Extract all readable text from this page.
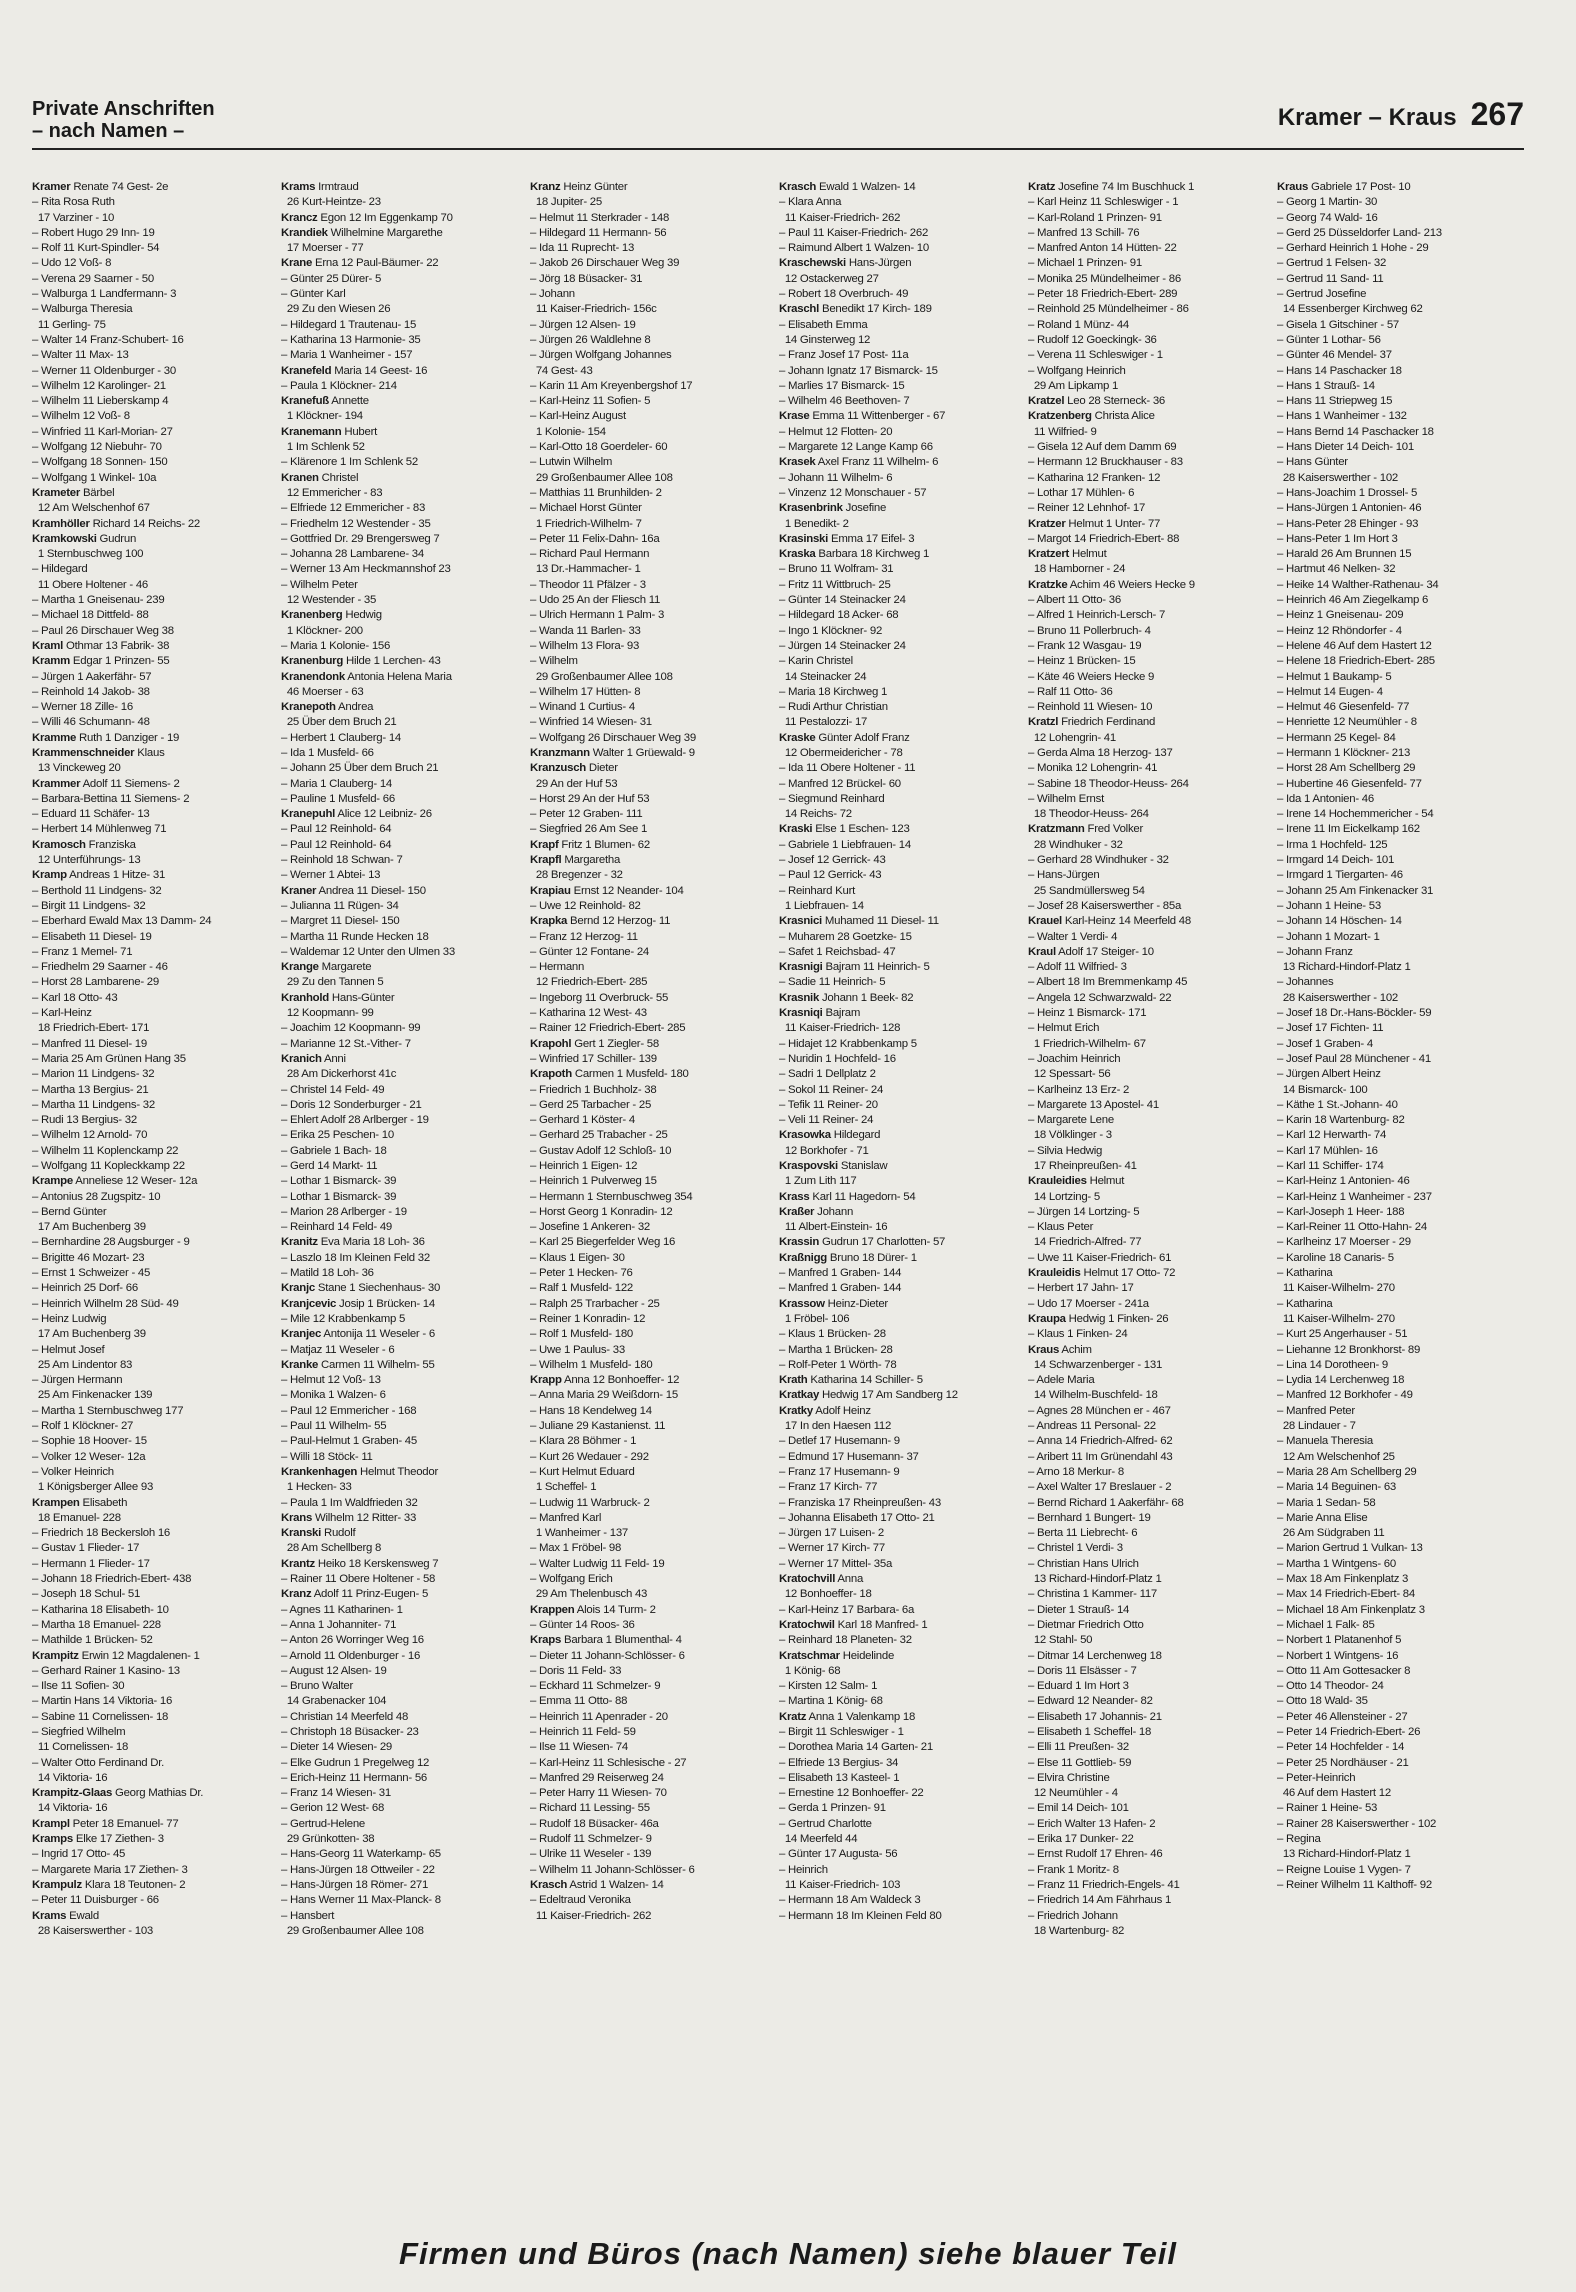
Private Anschriften
– nach Namen –	Kramer – Kraus 267
Kramer Renate 74 Gest- 2e
– Rita Rosa Ruth
17 Varziner - 10
– Robert Hugo 29 Inn- 19
– Rolf 11 Kurt-Spindler- 54
– Udo 12 Voß- 8
– Verena 29 Saarner - 50
– Walburga 1 Landfermann- 3
– Walburga Theresia
11 Gerling- 75
– Walter 14 Franz-Schubert- 16
– Walter 11 Max- 13
– Werner 11 Oldenburger - 30
– Wilhelm 12 Karolinger- 21
– Wilhelm 11 Lieberskamp 4
– Wilhelm 12 Voß- 8
– Winfried 11 Karl-Morian- 27
– Wolfgang 12 Niebuhr- 70
– Wolfgang 18 Sonnen- 150
– Wolfgang 1 Winkel- 10a
Krameter Bärbel
12 Am Welschenhof 67
Kramhöller Richard 14 Reichs- 22
Kramkowski Gudrun
1 Sternbuschweg 100
– Hildegard
11 Obere Holtener - 46
– Martha 1 Gneisenau- 239
– Michael 18 Dittfeld- 88
– Paul 26 Dirschauer Weg 38
Kraml Othmar 13 Fabrik- 38
Kramm Edgar 1 Prinzen- 55
– Jürgen 1 Aakerfähr- 57
– Reinhold 14 Jakob- 38
– Werner 18 Zille- 16
– Willi 46 Schumann- 48
Kramme Ruth 1 Danziger - 19
Krammenschneider Klaus
13 Vinckeweg 20
Krammer Adolf 11 Siemens- 2
– Barbara-Bettina 11 Siemens- 2
– Eduard 11 Schäfer- 13
– Herbert 14 Mühlenweg 71
Kramosch Franziska
12 Unterführungs- 13
Kramp Andreas 1 Hitze- 31
– Berthold 11 Lindgens- 32
– Birgit 11 Lindgens- 32
– Eberhard Ewald Max 13 Damm- 24
– Elisabeth 11 Diesel- 19
– Franz 1 Memel- 71
– Friedhelm 29 Saarner - 46
– Horst 28 Lambarene- 29
– Karl 18 Otto- 43
– Karl-Heinz
18 Friedrich-Ebert- 171
– Manfred 11 Diesel- 19
– Maria 25 Am Grünen Hang 35
– Marion 11 Lindgens- 32
– Martha 13 Bergius- 21
– Martha 11 Lindgens- 32
– Rudi 13 Bergius- 32
– Wilhelm 12 Arnold- 70
– Wilhelm 11 Koplenckamp 22
– Wolfgang 11 Kopleckkamp 22
Krampe Anneliese 12 Weser- 12a
– Antonius 28 Zugspitz- 10
– Bernd Günter
17 Am Buchenberg 39
– Bernhardine 28 Augsburger - 9
– Brigitte 46 Mozart- 23
– Ernst 1 Schweizer - 45
– Heinrich 25 Dorf- 66
– Heinrich Wilhelm 28 Süd- 49
– Heinz Ludwig
17 Am Buchenberg 39
– Helmut Josef
25 Am Lindentor 83
– Jürgen Hermann
25 Am Finkenacker 139
– Martha 1 Sternbuschweg 177
– Rolf 1 Klöckner- 27
– Sophie 18 Hoover- 15
– Volker 12 Weser- 12a
– Volker Heinrich
1 Königsberger Allee 93
Krampen Elisabeth
18 Emanuel- 228
– Friedrich 18 Beckersloh 16
– Gustav 1 Flieder- 17
– Hermann 1 Flieder- 17
– Johann 18 Friedrich-Ebert- 438
– Joseph 18 Schul- 51
– Katharina 18 Elisabeth- 10
– Martha 18 Emanuel- 228
– Mathilde 1 Brücken- 52
Krampitz Erwin 12 Magdalenen- 1
– Gerhard Rainer 1 Kasino- 13
– Ilse 11 Sofien- 30
– Martin Hans 14 Viktoria- 16
– Sabine 11 Cornelissen- 18
– Siegfried Wilhelm
11 Cornelissen- 18
– Walter Otto Ferdinand Dr.
14 Viktoria- 16
Krampitz-Glaas Georg Mathias Dr.
14 Viktoria- 16
Krampl Peter 18 Emanuel- 77
Kramps Elke 17 Ziethen- 3
– Ingrid 17 Otto- 45
– Margarete Maria 17 Ziethen- 3
Krampulz Klara 18 Teutonen- 2
– Peter 11 Duisburger - 66
Krams Ewald
28 Kaiserswerther - 103
Krams Irmtraud
26 Kurt-Heintze- 23
Krancz Egon 12 Im Eggenkamp 70
Krandiek Wilhelmine Margarethe
17 Moerser - 77
Krane Erna 12 Paul-Bäumer- 22
– Günter 25 Dürer- 5
– Günter Karl
29 Zu den Wiesen 26
– Hildegard 1 Trautenau- 15
– Katharina 13 Harmonie- 35
– Maria 1 Wanheimer - 157
Kranefeld Maria 14 Geest- 16
– Paula 1 Klöckner- 214
Kranefuß Annette
1 Klöckner- 194
Kranemann Hubert
1 Im Schlenk 52
– Klärenore 1 Im Schlenk 52
Kranen Christel
12 Emmericher - 83
– Elfriede 12 Emmericher - 83
– Friedhelm 12 Westender - 35
– Gottfried Dr. 29 Brengersweg 7
– Johanna 28 Lambarene- 34
– Werner 13 Am Heckmannshof 23
– Wilhelm Peter
12 Westender - 35
Kranenberg Hedwig
1 Klöckner- 200
– Maria 1 Kolonie- 156
Kranenburg Hilde 1 Lerchen- 43
Kranendonk Antonia Helena Maria
46 Moerser - 63
Kranepoth Andrea
25 Über dem Bruch 21
– Herbert 1 Clauberg- 14
– Ida 1 Musfeld- 66
– Johann 25 Über dem Bruch 21
– Maria 1 Clauberg- 14
– Pauline 1 Musfeld- 66
Kranepuhl Alice 12 Leibniz- 26
– Paul 12 Reinhold- 64
– Paul 12 Reinhold- 64
– Reinhold 18 Schwan- 7
– Werner 1 Abtei- 13
Kraner Andrea 11 Diesel- 150
– Julianna 11 Rügen- 34
– Margret 11 Diesel- 150
– Martha 11 Runde Hecken 18
– Waldemar 12 Unter den Ulmen 33
Krange Margarete
29 Zu den Tannen 5
Kranhold Hans-Günter
12 Koopmann- 99
– Joachim 12 Koopmann- 99
– Marianne 12 St.-Vither- 7
Kranich Anni
28 Am Dickerhorst 41c
– Christel 14 Feld- 49
– Doris 12 Sonderburger - 21
– Ehlert Adolf 28 Arlberger - 19
– Erika 25 Peschen- 10
– Gabriele 1 Bach- 18
– Gerd 14 Markt- 11
– Lothar 1 Bismarck- 39
– Lothar 1 Bismarck- 39
– Marion 28 Arlberger - 19
– Reinhard 14 Feld- 49
Kranitz Eva Maria 18 Loh- 36
– Laszlo 18 Im Kleinen Feld 32
– Matild 18 Loh- 36
Kranjc Stane 1 Siechenhaus- 30
Kranjcevic Josip 1 Brücken- 14
– Mile 12 Krabbenkamp 5
Kranjec Antonija 11 Weseler - 6
– Matjaz 11 Weseler - 6
Kranke Carmen 11 Wilhelm- 55
– Helmut 12 Voß- 13
– Monika 1 Walzen- 6
– Paul 12 Emmericher - 168
– Paul 11 Wilhelm- 55
– Paul-Helmut 1 Graben- 45
– Willi 18 Stöck- 11
Krankenhagen Helmut Theodor
1 Hecken- 33
– Paula 1 Im Waldfrieden 32
Krans Wilhelm 12 Ritter- 33
Kranski Rudolf
28 Am Schellberg 8
Krantz Heiko 18 Kerskensweg 7
– Rainer 11 Obere Holtener - 58
Kranz Adolf 11 Prinz-Eugen- 5
– Agnes 11 Katharinen- 1
– Anna 1 Johanniter- 71
– Anton 26 Worringer Weg 16
– Arnold 11 Oldenburger - 16
– August 12 Alsen- 19
– Bruno Walter
14 Grabenacker 104
– Christian 14 Meerfeld 48
– Christoph 18 Büsacker- 23
– Dieter 14 Wiesen- 29
– Elke Gudrun 1 Pregelweg 12
– Erich-Heinz 11 Hermann- 56
– Franz 14 Wiesen- 31
– Gerion 12 West- 68
– Gertrud-Helene
29 Grünkotten- 38
– Hans-Georg 11 Waterkamp- 65
– Hans-Jürgen 18 Ottweiler - 22
– Hans-Jürgen 18 Römer- 271
– Hans Werner 11 Max-Planck- 8
– Hansbert
29 Großenbaumer Allee 108
Kranz Heinz Günter
18 Jupiter- 25
– Helmut 11 Sterkrader - 148
– Hildegard 11 Hermann- 56
– Ida 11 Ruprecht- 13
– Jakob 26 Dirschauer Weg 39
– Jörg 18 Büsacker- 31
– Johann
11 Kaiser-Friedrich- 156c
– Jürgen 12 Alsen- 19
– Jürgen 26 Waldlehne 8
– Jürgen Wolfgang Johannes
74 Gest- 43
– Karin 11 Am Kreyenbergshof 17
– Karl-Heinz 11 Sofien- 5
– Karl-Heinz August
1 Kolonie- 154
– Karl-Otto 18 Goerdeler- 60
– Lutwin Wilhelm
29 Großenbaumer Allee 108
– Matthias 11 Brunhilden- 2
– Michael Horst Günter
1 Friedrich-Wilhelm- 7
– Peter 11 Felix-Dahn- 16a
– Richard Paul Hermann
13 Dr.-Hammacher- 1
– Theodor 11 Pfälzer - 3
– Udo 25 An der Fliesch 11
– Ulrich Hermann 1 Palm- 3
– Wanda 11 Barlen- 33
– Wilhelm 13 Flora- 93
– Wilhelm
29 Großenbaumer Allee 108
– Wilhelm 17 Hütten- 8
– Winand 1 Curtius- 4
– Winfried 14 Wiesen- 31
– Wolfgang 26 Dirschauer Weg 39
Kranzmann Walter 1 Grüewald- 9
Kranzusch Dieter
29 An der Huf 53
– Horst 29 An der Huf 53
– Peter 12 Graben- 111
– Siegfried 26 Am See 1
Krapf Fritz 1 Blumen- 62
Krapfl Margaretha
28 Bregenzer - 32
Krapiau Ernst 12 Neander- 104
– Uwe 12 Reinhold- 82
Krapka Bernd 12 Herzog- 11
– Franz 12 Herzog- 11
– Günter 12 Fontane- 24
– Hermann
12 Friedrich-Ebert- 285
– Ingeborg 11 Overbruck- 55
– Katharina 12 West- 43
– Rainer 12 Friedrich-Ebert- 285
Krapohl Gert 1 Ziegler- 58
– Winfried 17 Schiller- 139
Krapoth Carmen 1 Musfeld- 180
– Friedrich 1 Buchholz- 38
– Gerd 25 Tarbacher - 25
– Gerhard 1 Köster- 4
– Gerhard 25 Trabacher - 25
– Gustav Adolf 12 Schloß- 10
– Heinrich 1 Eigen- 12
– Heinrich 1 Pulverweg 15
– Hermann 1 Sternbuschweg 354
– Horst Georg 1 Konradin- 12
– Josefine 1 Ankeren- 32
– Karl 25 Biegerfelder Weg 16
– Klaus 1 Eigen- 30
– Peter 1 Hecken- 76
– Ralf 1 Musfeld- 122
– Ralph 25 Trarbacher - 25
– Reiner 1 Konradin- 12
– Rolf 1 Musfeld- 180
– Uwe 1 Paulus- 33
– Wilhelm 1 Musfeld- 180
Krapp Anna 12 Bonhoeffer- 12
– Anna Maria 29 Weißdorn- 15
– Hans 18 Kendelweg 14
– Juliane 29 Kastanienst. 11
– Klara 28 Böhmer - 1
– Kurt 26 Wedauer - 292
– Kurt Helmut Eduard
1 Scheffel- 1
– Ludwig 11 Warbruck- 2
– Manfred Karl
1 Wanheimer - 137
– Max 1 Fröbel- 98
– Walter Ludwig 11 Feld- 19
– Wolfgang Erich
29 Am Thelenbusch 43
Krappen Alois 14 Turm- 2
– Günter 14 Roos- 36
Kraps Barbara 1 Blumenthal- 4
– Dieter 11 Johann-Schlösser- 6
– Doris 11 Feld- 33
– Eckhard 11 Schmelzer- 9
– Emma 11 Otto- 88
– Heinrich 11 Apenrader - 20
– Heinrich 11 Feld- 59
– Ilse 11 Wiesen- 74
– Karl-Heinz 11 Schlesische - 27
– Manfred 29 Reiserweg 24
– Peter Harry 11 Wiesen- 70
– Richard 11 Lessing- 55
– Rudolf 18 Büsacker- 46a
– Rudolf 11 Schmelzer- 9
– Ulrike 11 Weseler - 139
– Wilhelm 11 Johann-Schlösser- 6
Krasch Astrid 1 Walzen- 14
– Edeltraud Veronika
11 Kaiser-Friedrich- 262
Krasch Ewald 1 Walzen- 14
– Klara Anna
11 Kaiser-Friedrich- 262
– Paul 11 Kaiser-Friedrich- 262
– Raimund Albert 1 Walzen- 10
Kraschewski Hans-Jürgen
12 Ostackerweg 27
– Robert 18 Overbruch- 49
Kraschl Benedikt 17 Kirch- 189
– Elisabeth Emma
14 Ginsterweg 12
– Franz Josef 17 Post- 11a
– Johann Ignatz 17 Bismarck- 15
– Marlies 17 Bismarck- 15
– Wilhelm 46 Beethoven- 7
Krase Emma 11 Wittenberger - 67
– Helmut 12 Flotten- 20
– Margarete 12 Lange Kamp 66
Krasek Axel Franz 11 Wilhelm- 6
– Johann 11 Wilhelm- 6
– Vinzenz 12 Monschauer - 57
Krasenbrink Josefine
1 Benedikt- 2
Krasinski Emma 17 Eifel- 3
Kraska Barbara 18 Kirchweg 1
– Bruno 11 Wolfram- 31
– Fritz 11 Wittbruch- 25
– Günter 14 Steinacker 24
– Hildegard 18 Acker- 68
– Ingo 1 Klöckner- 92
– Jürgen 14 Steinacker 24
– Karin Christel
14 Steinacker 24
– Maria 18 Kirchweg 1
– Rudi Arthur Christian
11 Pestalozzi- 17
Kraske Günter Adolf Franz
12 Obermeidericher - 78
– Ida 11 Obere Holtener - 11
– Manfred 12 Brückel- 60
– Siegmund Reinhard
14 Reichs- 72
Kraski Else 1 Eschen- 123
– Gabriele 1 Liebfrauen- 14
– Josef 12 Gerrick- 43
– Paul 12 Gerrick- 43
– Reinhard Kurt
1 Liebfrauen- 14
Krasnici Muhamed 11 Diesel- 11
– Muharem 28 Goetzke- 15
– Safet 1 Reichsbad- 47
Krasnigi Bajram 11 Heinrich- 5
– Sadie 11 Heinrich- 5
Krasnik Johann 1 Beek- 82
Krasniqi Bajram
11 Kaiser-Friedrich- 128
– Hidajet 12 Krabbenkamp 5
– Nuridin 1 Hochfeld- 16
– Sadri 1 Dellplatz 2
– Sokol 11 Reiner- 24
– Tefik 11 Reiner- 20
– Veli 11 Reiner- 24
Krasowka Hildegard
12 Borkhofer - 71
Kraspovski Stanislaw
1 Zum Lith 117
Krass Karl 11 Hagedorn- 54
Kraßer Johann
11 Albert-Einstein- 16
Krassin Gudrun 17 Charlotten- 57
Kraßnigg Bruno 18 Dürer- 1
– Manfred 1 Graben- 144
– Manfred 1 Graben- 144
Krassow Heinz-Dieter
1 Fröbel- 106
– Klaus 1 Brücken- 28
– Martha 1 Brücken- 28
– Rolf-Peter 1 Wörth- 78
Krath Katharina 14 Schiller- 5
Kratkay Hedwig 17 Am Sandberg 12
Kratky Adolf Heinz
17 In den Haesen 112
– Detlef 17 Husemann- 9
– Edmund 17 Husemann- 37
– Franz 17 Husemann- 9
– Franz 17 Kirch- 77
– Franziska 17 Rheinpreußen- 43
– Johanna Elisabeth 17 Otto- 21
– Jürgen 17 Luisen- 2
– Werner 17 Kirch- 77
– Werner 17 Mittel- 35a
Kratochvill Anna
12 Bonhoeffer- 18
– Karl-Heinz 17 Barbara- 6a
Kratochwil Karl 18 Manfred- 1
– Reinhard 18 Planeten- 32
Kratschmar Heidelinde
1 König- 68
– Kirsten 12 Salm- 1
– Martina 1 König- 68
Kratz Anna 1 Valenkamp 18
– Birgit 11 Schleswiger - 1
– Dorothea Maria 14 Garten- 21
– Elfriede 13 Bergius- 34
– Elisabeth 13 Kasteel- 1
– Ernestine 12 Bonhoeffer- 22
– Gerda 1 Prinzen- 91
– Gertrud Charlotte
14 Meerfeld 44
– Günter 17 Augusta- 56
– Heinrich
11 Kaiser-Friedrich- 103
– Hermann 18 Am Waldeck 3
– Hermann 18 Im Kleinen Feld 80
Kratz Josefine 74 Im Buschhuck 1
– Karl Heinz 11 Schleswiger - 1
– Karl-Roland 1 Prinzen- 91
– Manfred 13 Schill- 76
– Manfred Anton 14 Hütten- 22
– Michael 1 Prinzen- 91
– Monika 25 Mündelheimer - 86
– Peter 18 Friedrich-Ebert- 289
– Reinhold 25 Mündelheimer - 86
– Roland 1 Münz- 44
– Rudolf 12 Goeckingk- 36
– Verena 11 Schleswiger - 1
– Wolfgang Heinrich
29 Am Lipkamp 1
Kratzel Leo 28 Sterneck- 36
Kratzenberg Christa Alice
11 Wilfried- 9
– Gisela 12 Auf dem Damm 69
– Hermann 12 Bruckhauser - 83
– Katharina 12 Franken- 12
– Lothar 17 Mühlen- 6
– Reiner 12 Lehnhof- 17
Kratzer Helmut 1 Unter- 77
– Margot 14 Friedrich-Ebert- 88
Kratzert Helmut
18 Hamborner - 24
Kratzke Achim 46 Weiers Hecke 9
– Albert 11 Otto- 36
– Alfred 1 Heinrich-Lersch- 7
– Bruno 11 Pollerbruch- 4
– Frank 12 Wasgau- 19
– Heinz 1 Brücken- 15
– Käte 46 Weiers Hecke 9
– Ralf 11 Otto- 36
– Reinhold 11 Wiesen- 10
Kratzl Friedrich Ferdinand
12 Lohengrin- 41
– Gerda Alma 18 Herzog- 137
– Monika 12 Lohengrin- 41
– Sabine 18 Theodor-Heuss- 264
– Wilhelm Ernst
18 Theodor-Heuss- 264
Kratzmann Fred Volker
28 Windhuker - 32
– Gerhard 28 Windhuker - 32
– Hans-Jürgen
25 Sandmüllersweg 54
– Josef 28 Kaiserswerther - 85a
Krauel Karl-Heinz 14 Meerfeld 48
– Walter 1 Verdi- 4
Kraul Adolf 17 Steiger- 10
– Adolf 11 Wilfried- 3
– Albert 18 Im Bremmenkamp 45
– Angela 12 Schwarzwald- 22
– Heinz 1 Bismarck- 171
– Helmut Erich
1 Friedrich-Wilhelm- 67
– Joachim Heinrich
12 Spessart- 56
– Karlheinz 13 Erz- 2
– Margarete 13 Apostel- 41
– Margarete Lene
18 Völklinger - 3
– Silvia Hedwig
17 Rheinpreußen- 41
Krauleidies Helmut
14 Lortzing- 5
– Jürgen 14 Lortzing- 5
– Klaus Peter
14 Friedrich-Alfred- 77
– Uwe 11 Kaiser-Friedrich- 61
Krauleidis Helmut 17 Otto- 72
– Herbert 17 Jahn- 17
– Udo 17 Moerser - 241a
Kraupa Hedwig 1 Finken- 26
– Klaus 1 Finken- 24
Kraus Achim
14 Schwarzenberger - 131
– Adele Maria
14 Wilhelm-Buschfeld- 18
– Agnes 28 München er - 467
– Andreas 11 Personal- 22
– Anna 14 Friedrich-Alfred- 62
– Aribert 11 Im Grünendahl 43
– Arno 18 Merkur- 8
– Axel Walter 17 Breslauer - 2
– Bernd Richard 1 Aakerfähr- 68
– Bernhard 1 Bungert- 19
– Berta 11 Liebrecht- 6
– Christel 1 Verdi- 3
– Christian Hans Ulrich
13 Richard-Hindorf-Platz 1
– Christina 1 Kammer- 117
– Dieter 1 Strauß- 14
– Dietmar Friedrich Otto
12 Stahl- 50
– Ditmar 14 Lerchenweg 18
– Doris 11 Elsässer - 7
– Eduard 1 Im Hort 3
– Edward 12 Neander- 82
– Elisabeth 17 Johannis- 21
– Elisabeth 1 Scheffel- 18
– Elli 11 Preußen- 32
– Else 11 Gottlieb- 59
– Elvira Christine
12 Neumühler - 4
– Emil 14 Deich- 101
– Erich Walter 13 Hafen- 2
– Erika 17 Dunker- 22
– Ernst Rudolf 17 Ehren- 46
– Frank 1 Moritz- 8
– Franz 11 Friedrich-Engels- 41
– Friedrich 14 Am Fährhaus 1
– Friedrich Johann
18 Wartenburg- 82
Kraus Gabriele 17 Post- 10
– Georg 1 Martin- 30
– Georg 74 Wald- 16
– Gerd 25 Düsseldorfer Land- 213
– Gerhard Heinrich 1 Hohe - 29
– Gertrud 1 Felsen- 32
– Gertrud 11 Sand- 11
– Gertrud Josefine
14 Essenberger Kirchweg 62
– Gisela 1 Gitschiner - 57
– Günter 1 Lothar- 56
– Günter 46 Mendel- 37
– Hans 14 Paschacker 18
– Hans 1 Strauß- 14
– Hans 11 Striepweg 15
– Hans 1 Wanheimer - 132
– Hans Bernd 14 Paschacker 18
– Hans Dieter 14 Deich- 101
– Hans Günter
28 Kaiserswerther - 102
– Hans-Joachim 1 Drossel- 5
– Hans-Jürgen 1 Antonien- 46
– Hans-Peter 28 Ehinger - 93
– Hans-Peter 1 Im Hort 3
– Harald 26 Am Brunnen 15
– Hartmut 46 Nelken- 32
– Heike 14 Walther-Rathenau- 34
– Heinrich 46 Am Ziegelkamp 6
– Heinz 1 Gneisenau- 209
– Heinz 12 Rhöndorfer - 4
– Helene 46 Auf dem Hastert 12
– Helene 18 Friedrich-Ebert- 285
– Helmut 1 Baukamp- 5
– Helmut 14 Eugen- 4
– Helmut 46 Giesenfeld- 77
– Henriette 12 Neumühler - 8
– Hermann 25 Kegel- 84
– Hermann 1 Klöckner- 213
– Horst 28 Am Schellberg 29
– Hubertine 46 Giesenfeld- 77
– Ida 1 Antonien- 46
– Irene 14 Hochemmericher - 54
– Irene 11 Im Eickelkamp 162
– Irma 1 Hochfeld- 125
– Irmgard 14 Deich- 101
– Irmgard 1 Tiergarten- 46
– Johann 25 Am Finkenacker 31
– Johann 1 Heine- 53
– Johann 14 Höschen- 14
– Johann 1 Mozart- 1
– Johann Franz
13 Richard-Hindorf-Platz 1
– Johannes
28 Kaiserswerther - 102
– Josef 18 Dr.-Hans-Böckler- 59
– Josef 17 Fichten- 11
– Josef 1 Graben- 4
– Josef Paul 28 Münchener - 41
– Jürgen Albert Heinz
14 Bismarck- 100
– Käthe 1 St.-Johann- 40
– Karin 18 Wartenburg- 82
– Karl 12 Herwarth- 74
– Karl 17 Mühlen- 16
– Karl 11 Schiffer- 174
– Karl-Heinz 1 Antonien- 46
– Karl-Heinz 1 Wanheimer - 237
– Karl-Joseph 1 Heer- 188
– Karl-Reiner 11 Otto-Hahn- 24
– Karlheinz 17 Moerser - 29
– Karoline 18 Canaris- 5
– Katharina
11 Kaiser-Wilhelm- 270
– Katharina
11 Kaiser-Wilhelm- 270
– Kurt 25 Angerhauser - 51
– Liehanne 12 Bronkhorst- 89
– Lina 14 Dorotheen- 9
– Lydia 14 Lerchenweg 18
– Manfred 12 Borkhofer - 49
– Manfred Peter
28 Lindauer - 7
– Manuela Theresia
12 Am Welschenhof 25
– Maria 28 Am Schellberg 29
– Maria 14 Beguinen- 63
– Maria 1 Sedan- 58
– Marie Anna Elise
26 Am Südgraben 11
– Marion Gertrud 1 Vulkan- 13
– Martha 1 Wintgens- 60
– Max 18 Am Finkenplatz 3
– Max 14 Friedrich-Ebert- 84
– Michael 18 Am Finkenplatz 3
– Michael 1 Falk- 85
– Norbert 1 Platanenhof 5
– Norbert 1 Wintgens- 16
– Otto 11 Am Gottesacker 8
– Otto 14 Theodor- 24
– Otto 18 Wald- 35
– Peter 46 Allensteiner - 27
– Peter 14 Friedrich-Ebert- 26
– Peter 14 Hochfelder - 14
– Peter 25 Nordhäuser - 21
– Peter-Heinrich
46 Auf dem Hastert 12
– Rainer 1 Heine- 53
– Rainer 28 Kaiserswerther - 102
– Regina
13 Richard-Hindorf-Platz 1
– Reigne Louise 1 Vygen- 7
– Reiner Wilhelm 11 Kalthoff- 92
Firmen und Büros (nach Namen) siehe blauer Teil
